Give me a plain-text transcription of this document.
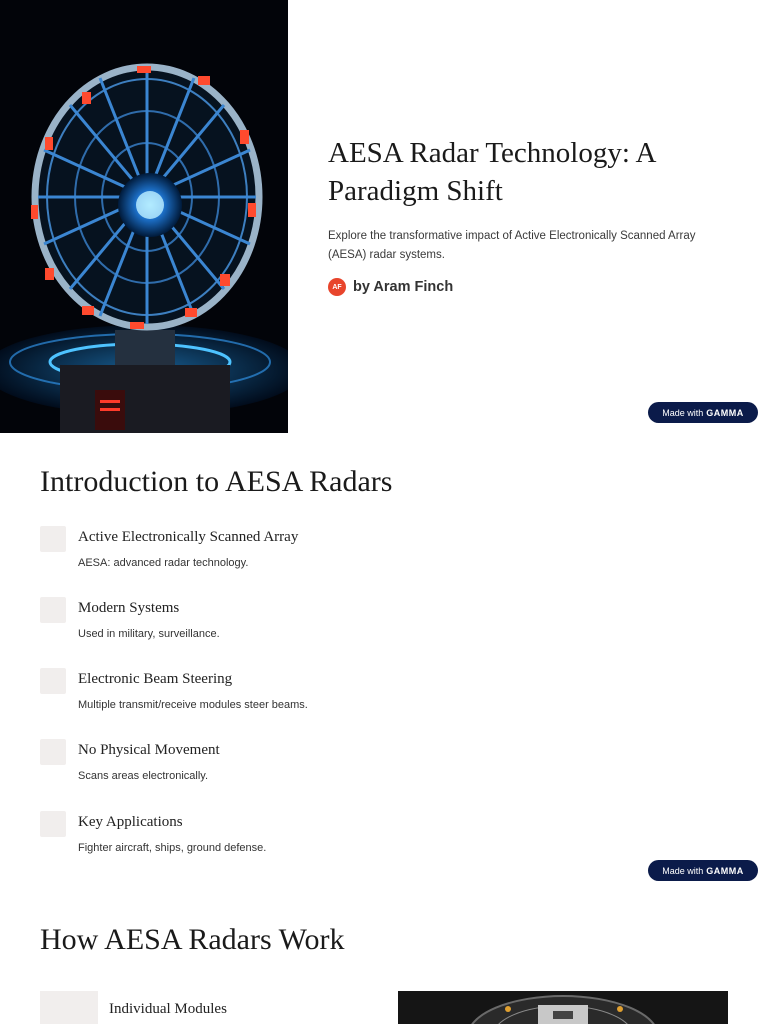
AESA Radar Technology: A Paradigm Shift

Explore the transformative impact of Active Electronically Scanned Array (AESA) radar systems.

AF by Aram Finch
Made with GAMMA
Introduction to AESA Radars
Active Electronically Scanned Array
AESA: advanced radar technology.
Modern Systems
Used in military, surveillance.
Electronic Beam Steering
Multiple transmit/receive modules steer beams.
No Physical Movement
Scans areas electronically.
Key Applications
Fighter aircraft, ships, ground defense.
Made with GAMMA
How AESA Radars Work
Individual Modules
